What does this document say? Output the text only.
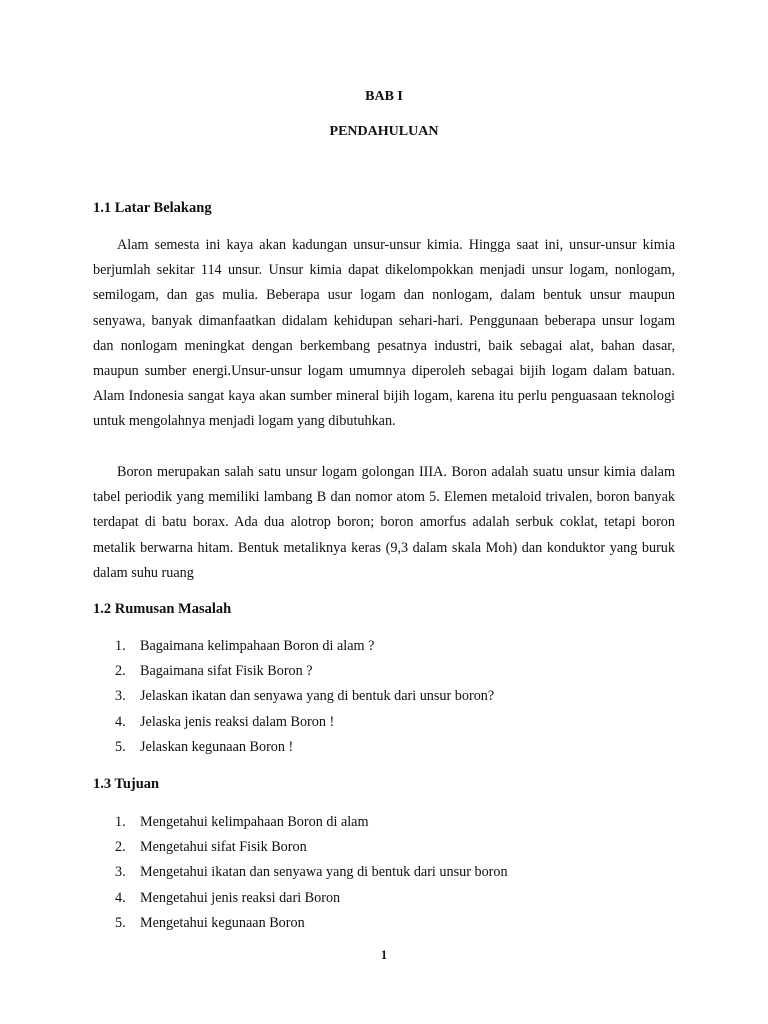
BAB I

PENDAHULUAN

1.1 Latar Belakang

Alam semesta ini kaya akan kadungan unsur-unsur kimia. Hingga saat ini, unsur-unsur kimia berjumlah sekitar 114 unsur. Unsur kimia dapat dikelompokkan menjadi unsur logam, nonlogam, semilogam, dan gas mulia. Beberapa usur logam dan nonlogam, dalam bentuk unsur maupun senyawa, banyak dimanfaatkan didalam kehidupan sehari-hari. Penggunaan beberapa unsur logam dan nonlogam meningkat dengan berkembang pesatnya industri, baik sebagai alat, bahan dasar, maupun sumber energi.Unsur-unsur logam umumnya diperoleh sebagai bijih logam dalam batuan. Alam Indonesia sangat kaya akan sumber mineral bijih logam, karena itu perlu penguasaan teknologi untuk mengolahnya menjadi logam yang dibutuhkan.

Boron merupakan salah satu unsur logam golongan IIIA. Boron adalah suatu unsur kimia dalam tabel periodik yang memiliki lambang B dan nomor atom 5. Elemen metaloid trivalen, boron banyak terdapat di batu borax. Ada dua alotrop boron; boron amorfus adalah serbuk coklat, tetapi boron metalik berwarna hitam. Bentuk metaliknya keras (9,3 dalam skala Moh) dan konduktor yang buruk dalam suhu ruang

1.2 Rumusan Masalah

1. Bagaimana kelimpahaan Boron di alam ?
2. Bagaimana sifat Fisik Boron ?
3. Jelaskan ikatan dan senyawa yang di bentuk dari unsur boron?
4. Jelaska jenis reaksi dalam Boron !
5. Jelaskan kegunaan Boron !

1.3 Tujuan

1. Mengetahui kelimpahaan Boron di alam
2. Mengetahui sifat Fisik Boron
3. Mengetahui ikatan dan senyawa yang di bentuk dari unsur boron
4. Mengetahui jenis reaksi dari Boron
5. Mengetahui kegunaan Boron

1
